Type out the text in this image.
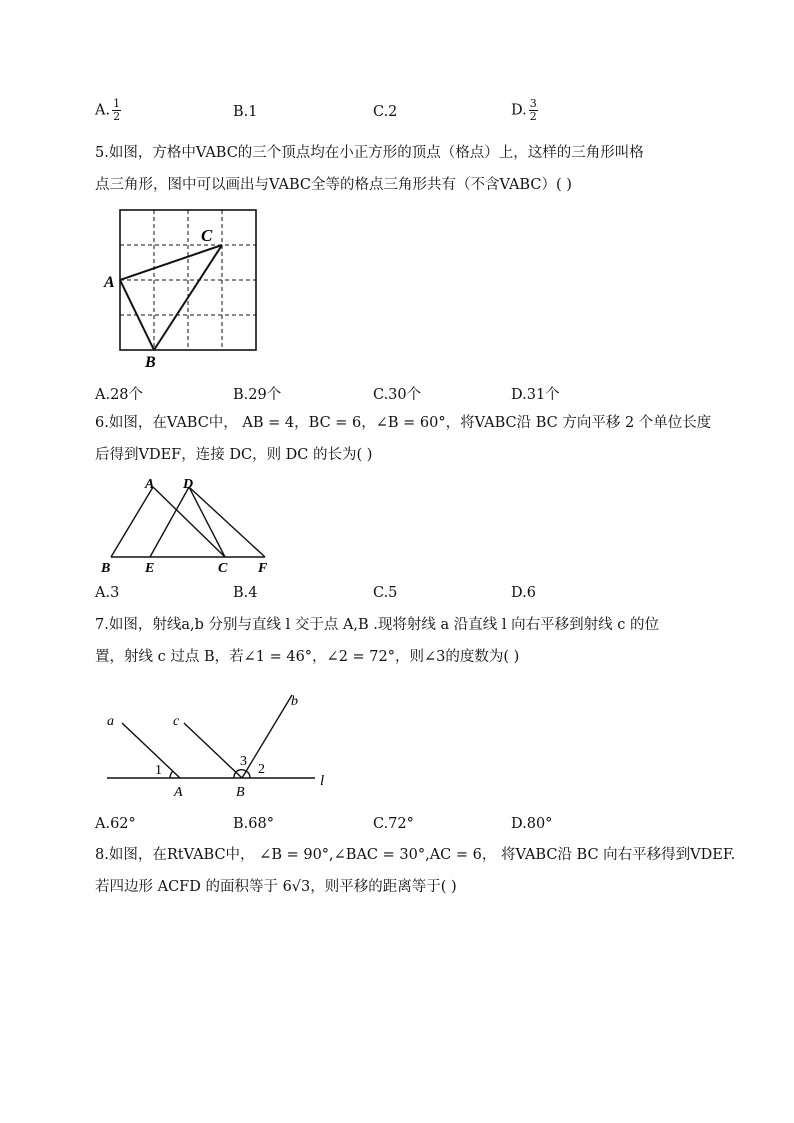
A. $\frac{1}{2}$	B.1	C.2	D. $\frac{3}{2}$
5.如图，方格中VABC的三个顶点均在小正方形的顶点（格点）上，这样的三角形叫格
点三角形，图中可以画出与VABC全等的格点三角形共有（不含VABC）( )
A
B
C
A.28个	B.29个	C.30个	D.31个
6.如图，在VABC中， AB = 4，BC = 6，∠B = 60°，将VABC沿 BC 方向平移 2 个单位长度
后得到VDEF，连接 DC，则 DC 的长为( )
A D
B E	C F
A.3	B.4	C.5	D.6
7.如图，射线a,b 分别与直线 l 交于点 A,B .现将射线 a 沿直线 l 向右平移到射线 c 的位
置，射线 c 过点 B，若∠1 = 46°，∠2 = 72°，则∠3的度数为( )
a	c
b
l
1
3
2
A	B
A.62°	B.68°	C.72°	D.80°
8.如图，在RtVABC中， ∠B = 90°,∠BAC = 30°,AC = 6， 将VABC沿 BC 向右平移得到VDEF.
若四边形 ACFD 的面积等于 6√3，则平移的距离等于( )
